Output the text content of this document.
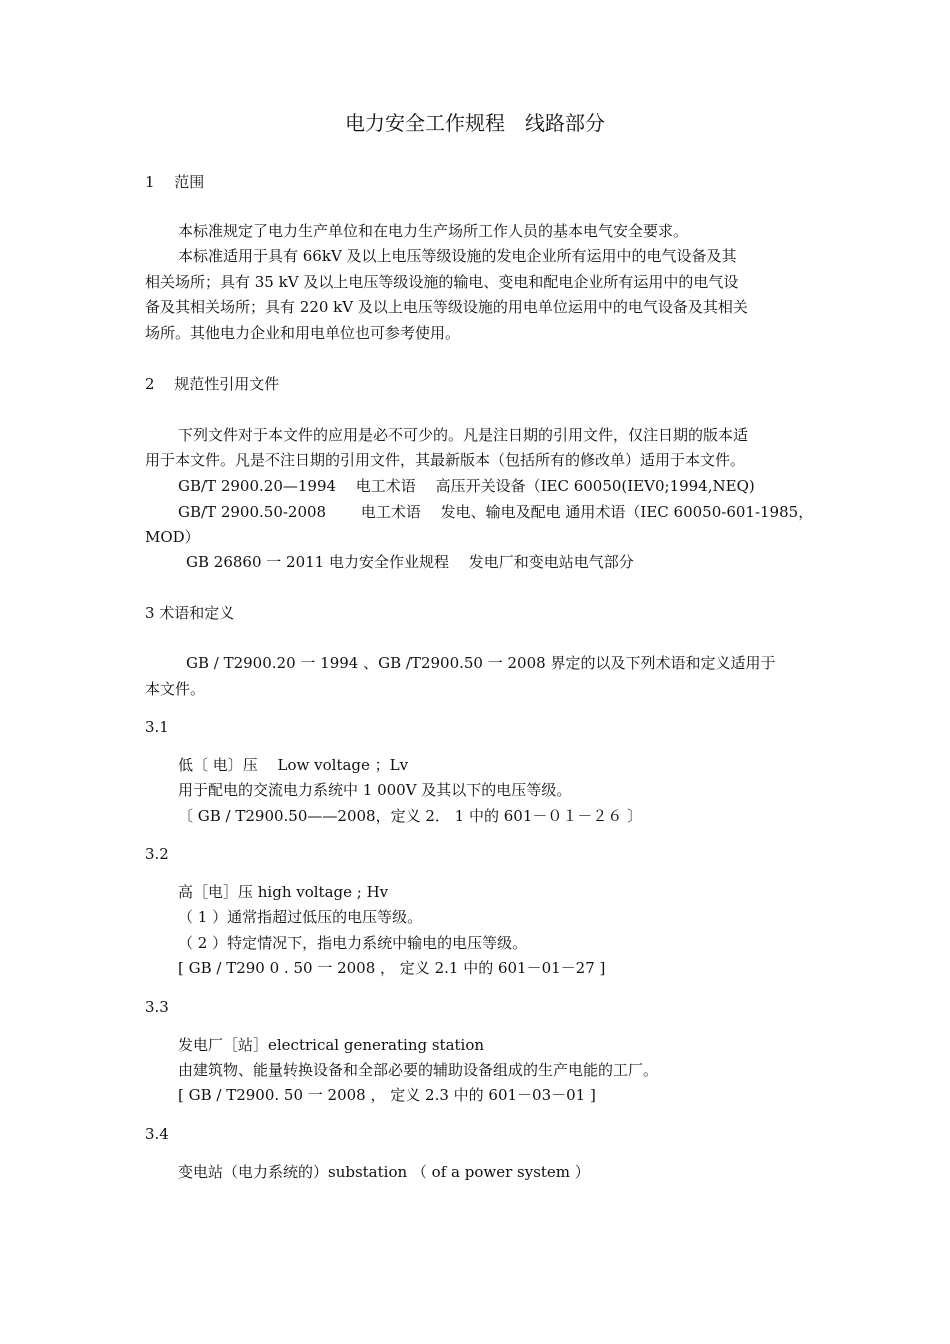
电力安全工作规程　线路部分
1　 范围
本标准规定了电力生产单位和在电力生产场所工作人员的基本电气安全要求。
本标准适用于具有 66kV 及以上电压等级设施的发电企业所有运用中的电气设备及其
相关场所；具有 35 kV 及以上电压等级设施的输电、变电和配电企业所有运用中的电气设
备及其相关场所；具有 220 kV 及以上电压等级设施的用电单位运用中的电气设备及其相关
场所。其他电力企业和用电单位也可参考使用。
2　 规范性引用文件
下列文件对于本文件的应用是必不可少的。凡是注日期的引用文件，仅注日期的版本适
用于本文件。凡是不注日期的引用文件，其最新版本（包括所有的修改单）适用于本文件。
GB/T 2900.20—1994　 电工术语　 高压开关设备（IEC 60050(IEV0;1994,NEQ)
GB/T 2900.50-2008　　 电工术语　 发电、输电及配电 通用术语（IEC 60050-601-1985，
MOD）
GB 26860 一 2011 电力安全作业规程　 发电厂和变电站电气部分
3 术语和定义
GB / T2900.20 一 1994 、GB /T2900.50 一 2008 界定的以及下列术语和定义适用于
本文件。
3.1
低〔 电〕压　 Low voltage ；Lv
用于配电的交流电力系统中 1 000V 及其以下的电压等级。
〔 GB / T2900.50——2008，定义 2． 1 中的 601－０１－２６ 〕
3.2
高［电］压 high voltage ; Hv
（ 1 ）通常指超过低压的电压等级。
（ 2 ）特定情况下，指电力系统中输电的电压等级。
[ GB / T290 0 . 50 一 2008 ， 定义 2.1 中的 601－01－27 ]
3.3
发电厂［站］electrical generating station
由建筑物、能量转换设备和全部必要的辅助设备组成的生产电能的工厂。
[ GB / T2900. 50 一 2008 ， 定义 2.3 中的 601－03－01 ]
3.4
变电站（电力系统的）substation （ of a power system ）
